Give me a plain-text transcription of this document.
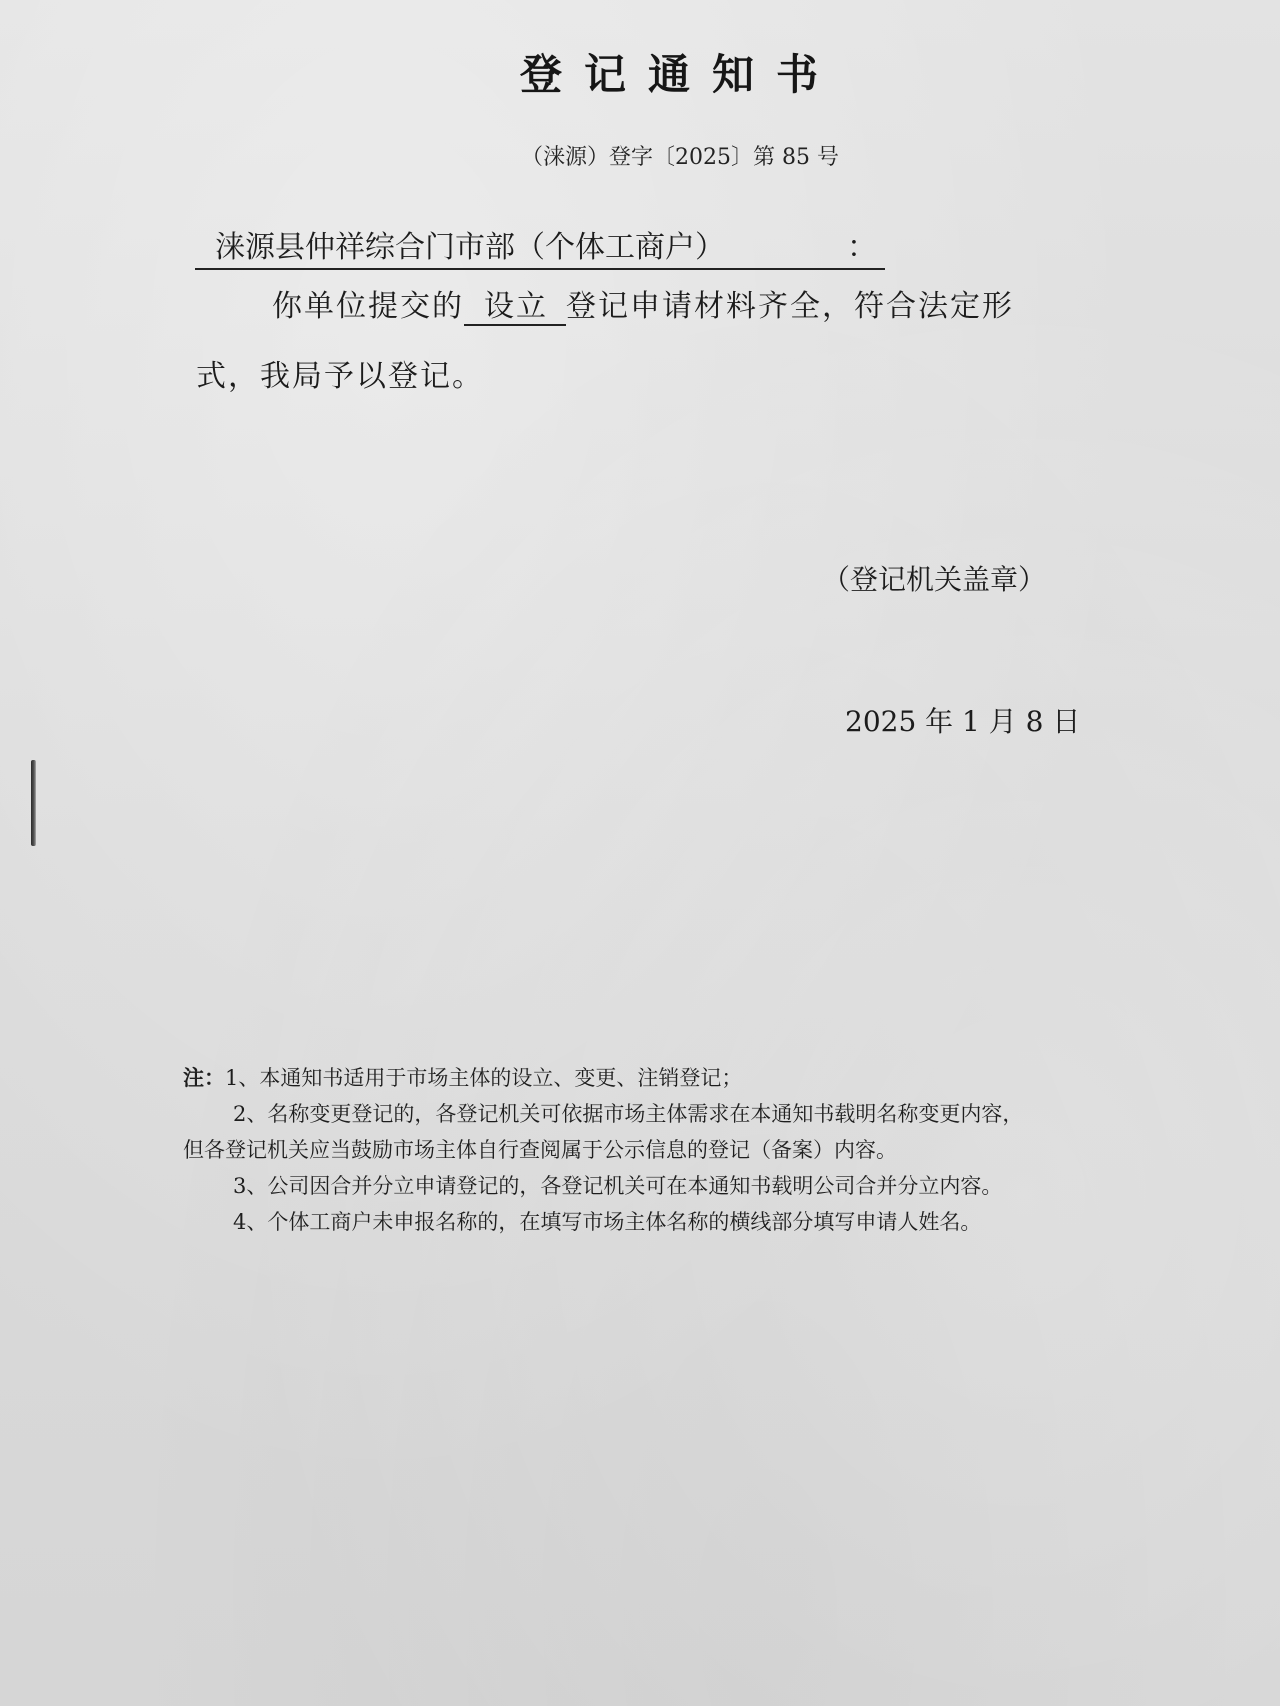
登记通知书
（涞源）登字〔2025〕第 85 号
涞源县仲祥综合门市部（个体工商户）	：
你单位提交的 设立 登记申请材料齐全，符合法定形
式，我局予以登记。
（登记机关盖章）
2025 年 1 月 8 日
注：1、本通知书适用于市场主体的设立、变更、注销登记；
2、名称变更登记的，各登记机关可依据市场主体需求在本通知书载明名称变更内容，
但各登记机关应当鼓励市场主体自行查阅属于公示信息的登记（备案）内容。
3、公司因合并分立申请登记的，各登记机关可在本通知书载明公司合并分立内容。
4、个体工商户未申报名称的，在填写市场主体名称的横线部分填写申请人姓名。
